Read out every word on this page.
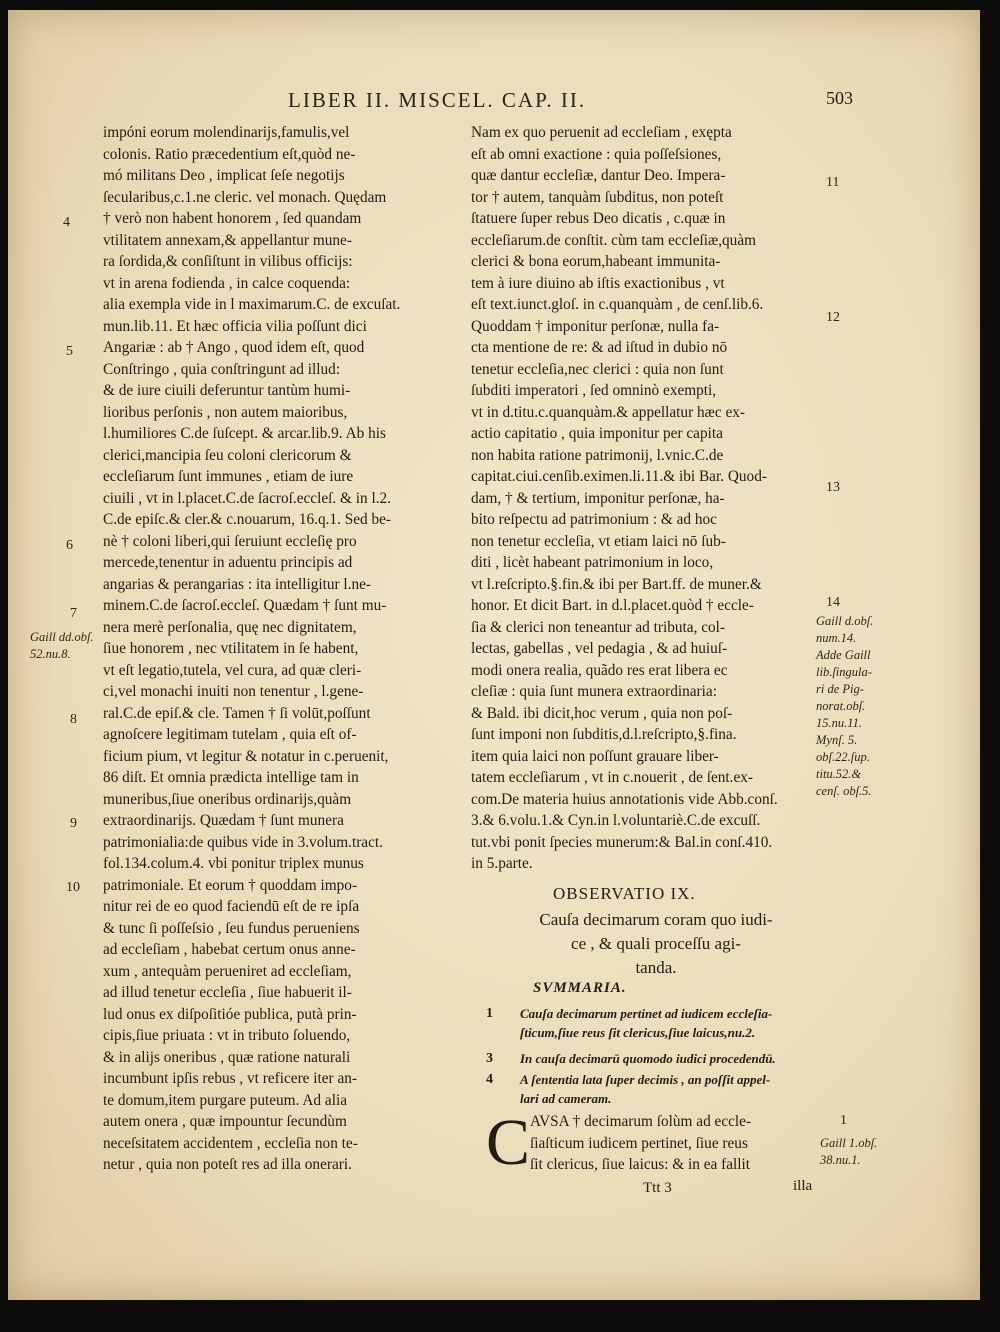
LIBER II. MISCEL. CAP. II.	503
impóni eorum molendinarijs,famulis,vel
colonis. Ratio præcedentium eſt,quòd ne-
mó militans Deo , implicat ſeſe negotijs
ſecularibus,c.1.ne cleric. vel monach. Quędam
† verò non habent honorem , ſed quandam
vtilitatem annexam,& appellantur mune-
ra ſordida,& conſiſtunt in vilibus officijs:
vt in arena fodienda , in calce coquenda:
alia exempla vide in l maximarum.C. de excuſat.
mun.lib.11. Et hæc officia vilia poſſunt dici
Angariæ : ab † Ango , quod idem eſt, quod
Conſtringo , quia conſtringunt ad illud:
& de iure ciuili deferuntur tantùm humi-
lioribus perſonis , non autem maioribus,
l.humiliores C.de ſuſcept. & arcar.lib.9. Ab his
clerici,mancipia ſeu coloni clericorum &
eccleſiarum ſunt immunes , etiam de iure
ciuili , vt in l.placet.C.de ſacroſ.eccleſ. & in l.2.
C.de epiſc.& cler.& c.nouarum, 16.q.1. Sed be-
nè † coloni liberi,qui ſeruiunt eccleſię pro
mercede,tenentur in aduentu principis ad
angarias & perangarias : ita intelligitur l.ne-
minem.C.de ſacroſ.eccleſ. Quædam † ſunt mu-
nera merè perſonalia, quę nec dignitatem,
ſiue honorem , nec vtilitatem in ſe habent,
vt eſt legatio,tutela, vel cura, ad quæ cleri-
ci,vel monachi inuiti non tenentur , l.gene-
ral.C.de epiſ.& cle. Tamen † ſi volūt,poſſunt
agnoſcere legitimam tutelam , quia eſt of-
ficium pium, vt legitur & notatur in c.peruenit,
86 diſt. Et omnia prædicta intellige tam in
muneribus,ſiue oneribus ordinarijs,quàm
extraordinarijs. Quædam † ſunt munera
patrimonialia:de quibus vide in 3.volum.tract.
fol.134.colum.4. vbi ponitur triplex munus
patrimoniale. Et eorum † quoddam impo-
nitur rei de eo quod faciendū eſt de re ipſa
& tunc ſi poſſeſsio , ſeu fundus perueniens
ad eccleſiam , habebat certum onus anne-
xum , antequàm perueniret ad eccleſiam,
ad illud tenetur eccleſia , ſiue habuerit il-
lud onus ex diſpoſitióe publica, putà prin-
cipis,ſiue priuata : vt in tributo ſoluendo,
& in alijs oneribus , quæ ratione naturali
incumbunt ipſis rebus , vt reficere iter an-
te domum,item purgare puteum. Ad alia
autem onera , quæ impountur ſecundùm
neceſsitatem accidentem , eccleſia non te-
netur , quia non poteſt res ad illa onerari.
Nam ex quo peruenit ad eccleſiam , exępta
eſt ab omni exactione : quia poſſeſsiones,
quæ dantur eccleſiæ, dantur Deo. Impera-
tor † autem, tanquàm ſubditus, non poteſt
ſtatuere ſuper rebus Deo dicatis , c.quæ in
eccleſiarum.de conſtit. cùm tam eccleſiæ,quàm
clerici & bona eorum,habeant immunita-
tem à iure diuino ab iſtis exactionibus , vt
eſt text.iunct.gloſ. in c.quanquàm , de cenſ.lib.6.
Quoddam † imponitur perſonæ, nulla fa-
cta mentione de re: & ad iſtud in dubio nō
tenetur eccleſia,nec clerici : quia non ſunt
ſubditi imperatori , ſed omninò exempti,
vt in d.titu.c.quanquàm.& appellatur hæc ex-
actio capitatio , quia imponitur per capita
non habita ratione patrimonij, l.vnic.C.de
capitat.ciui.cenſib.eximen.li.11.& ibi Bar. Quod-
dam, † & tertium, imponitur perſonæ, ha-
bito reſpectu ad patrimonium : & ad hoc
non tenetur eccleſia, vt etiam laici nō ſub-
diti , licèt habeant patrimonium in loco,
vt l.reſcripto.§.fin.& ibi per Bart.ff. de muner.&
honor. Et dicit Bart. in d.l.placet.quòd † eccle-
ſia & clerici non teneantur ad tributa, col-
lectas, gabellas , vel pedagia , & ad huiuſ-
modi onera realia, quãdo res erat libera ec
cleſiæ : quia ſunt munera extraordinaria:
& Bald. ibi dicit,hoc verum , quia non poſ-
ſunt imponi non ſubditis,d.l.reſcripto,§.fina.
item quia laici non poſſunt grauare liber-
tatem eccleſiarum , vt in c.nouerit , de ſent.ex-
com.De materia huius annotationis vide Abb.conſ.
3.& 6.volu.1.& Cyn.in l.voluntariè.C.de excuſſ.
tut.vbi ponit ſpecies munerum:& Bal.in conſ.410.
in 5.parte.
OBSERVATIO IX.
Cauſa decimarum coram quo iudi-
ce , & quali proceſſu agi-
tanda.
SVMMARIA.
1 Cauſa decimarum pertinet ad iudicem eccleſia-
ſticum,ſiue reus ſit clericus,ſiue laicus,nu.2.
3 In cauſa decimarū quomodo iudici procedendū.
4 A ſententia lata ſuper decimis , an poſſit appel-
lari ad cameram.
C AVSA † decimarum ſolùm ad eccle-
ſiaſticum iudicem pertinet, ſiue reus
ſit clericus, ſiue laicus: & in ea fallit
1
Gaill 1.obſ.
38.nu.1.
Ttt 3	illa
4
5
6
7
8
9
10
Gaill dd.obſ.
52.nu.8.
11
12
13
14
Gaill d.obſ.
num.14.
Adde Gaill
lib.ſingula-
ri de Pig-
norat.obſ.
15.nu.11.
Mynſ. 5.
obſ.22.ſup.
titu.52.&
cenſ. obſ.5.
